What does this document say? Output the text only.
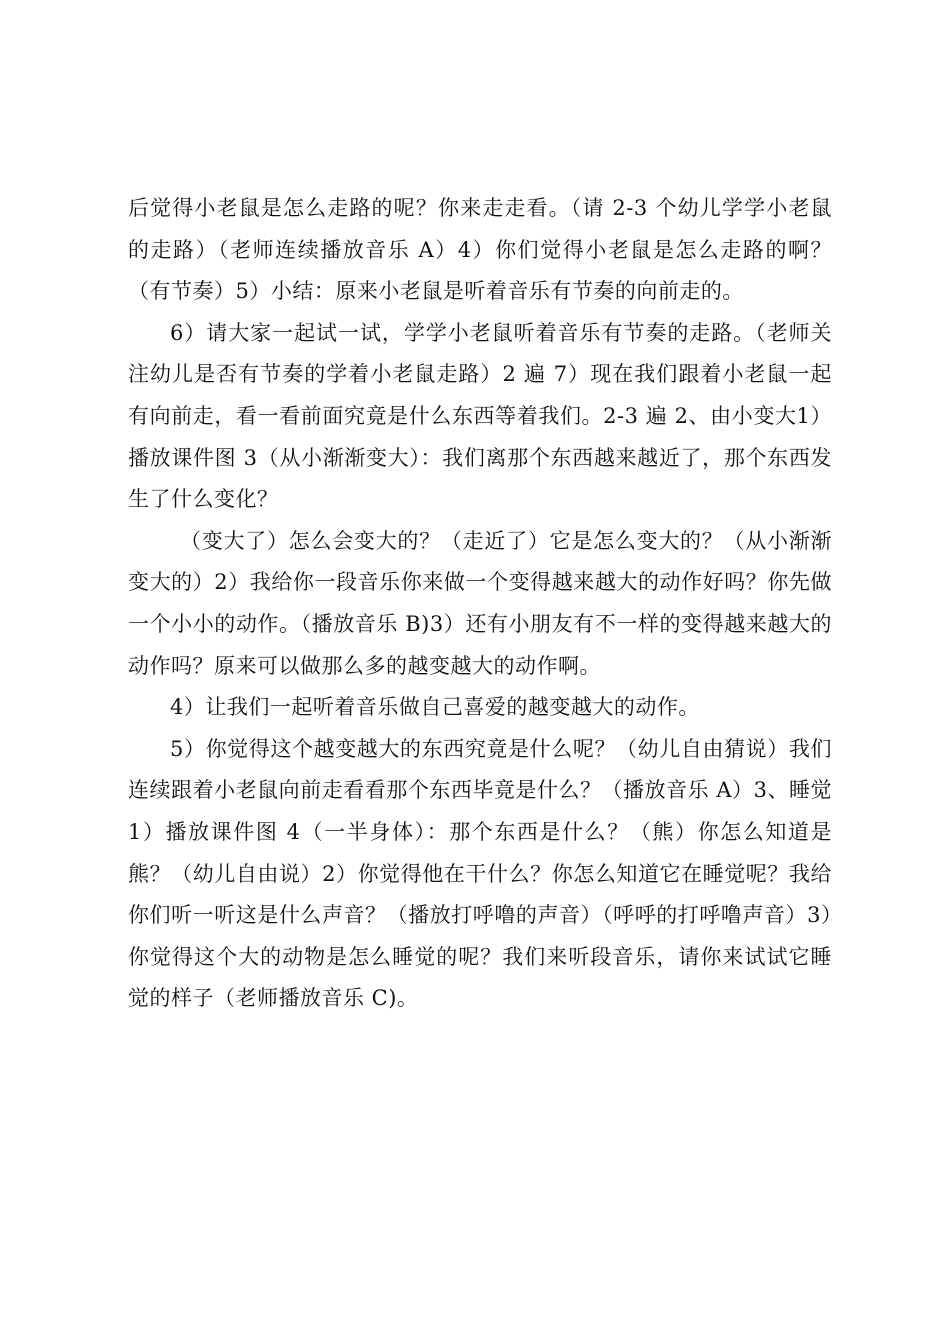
后觉得小老鼠是怎么走路的呢？你来走走看。（请 2-3 个幼儿学学小老鼠的走路）（老师连续播放音乐 A）4）你们觉得小老鼠是怎么走路的啊？（有节奏）5）小结：原来小老鼠是听着音乐有节奏的向前走的。

6）请大家一起试一试，学学小老鼠听着音乐有节奏的走路。（老师关注幼儿是否有节奏的学着小老鼠走路）2 遍 7）现在我们跟着小老鼠一起有向前走，看一看前面究竟是什么东西等着我们。2-3 遍 2、由小变大1）播放课件图 3（从小渐渐变大）：我们离那个东西越来越近了，那个东西发生了什么变化？

（变大了）怎么会变大的？（走近了）它是怎么变大的？（从小渐渐变大的）2）我给你一段音乐你来做一个变得越来越大的动作好吗？你先做一个小小的动作。（播放音乐 B)3）还有小朋友有不一样的变得越来越大的动作吗？原来可以做那么多的越变越大的动作啊。

4）让我们一起听着音乐做自己喜爱的越变越大的动作。

5）你觉得这个越变越大的东西究竟是什么呢？（幼儿自由猜说）我们连续跟着小老鼠向前走看看那个东西毕竟是什么？（播放音乐 A）3、睡觉 1）播放课件图 4（一半身体）：那个东西是什么？（熊）你怎么知道是熊？（幼儿自由说）2）你觉得他在干什么？你怎么知道它在睡觉呢？我给你们听一听这是什么声音？（播放打呼噜的声音）（呼呼的打呼噜声音）3）你觉得这个大的动物是怎么睡觉的呢？我们来听段音乐，请你来试试它睡觉的样子（老师播放音乐 C)。
